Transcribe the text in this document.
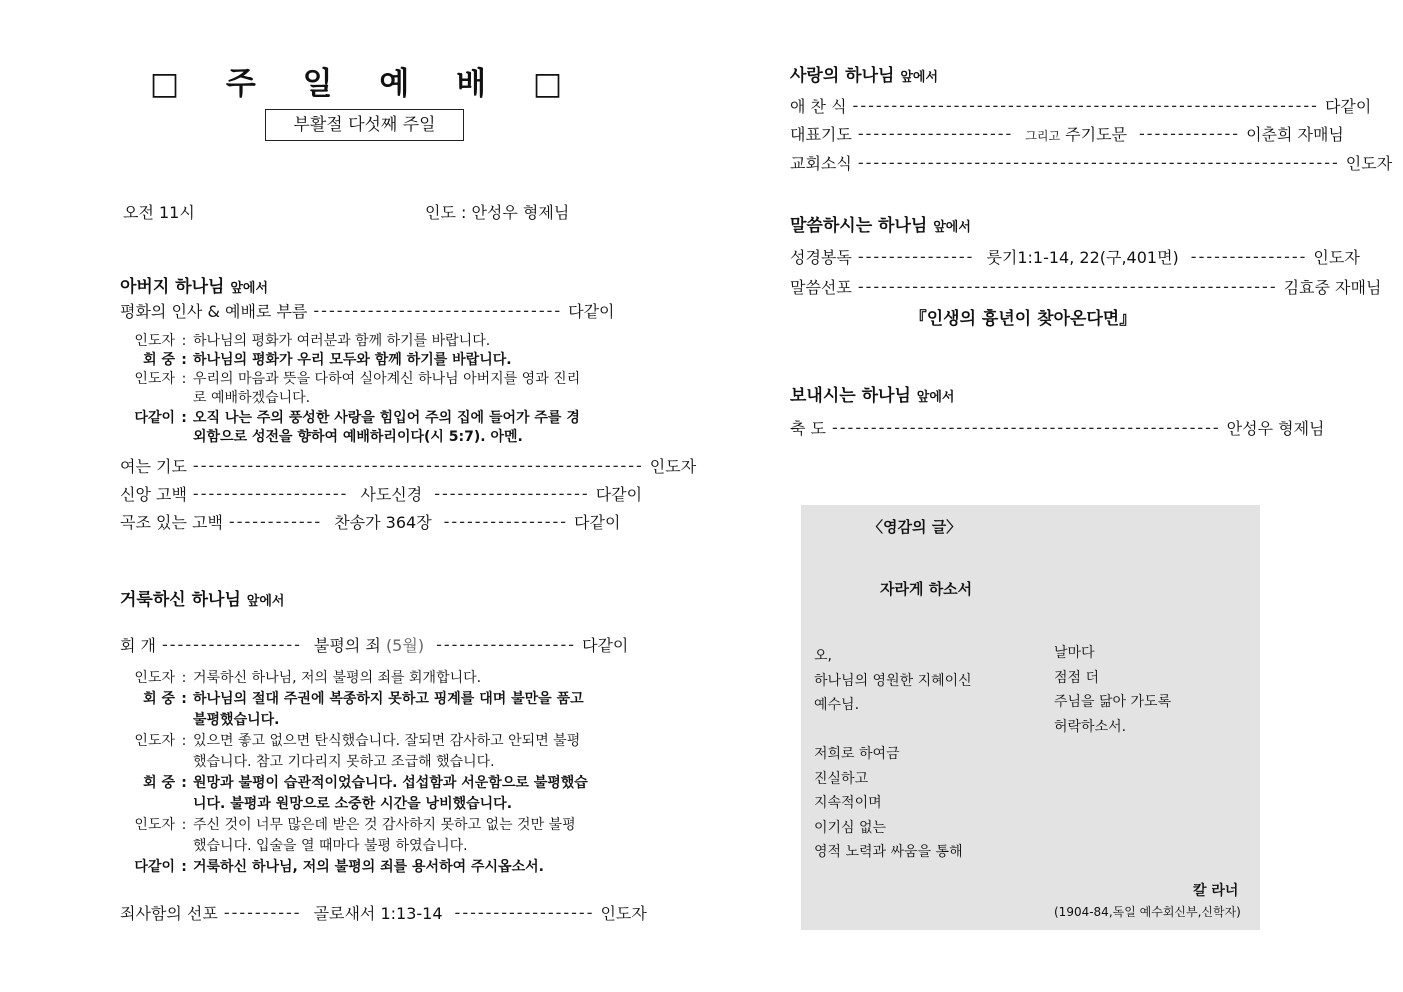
□ 주 일 예 배 □
부활절 다섯째 주일
오전 11시	인도 : 안성우 형제님
아버지 하나님 앞에서
평화의 인사 & 예배로 부름 -------------------------------- 다같이
인도자 : 하나님의 평화가 여러분과 함께 하기를 바랍니다.
회 중 : 하나님의 평화가 우리 모두와 함께 하기를 바랍니다.
인도자 : 우리의 마음과 뜻을 다하여 실아계신 하나님 아버지를 영과 진리로 예배하겠습니다.
다같이 : 오직 나는 주의 풍성한 사랑을 힘입어 주의 집에 들어가 주를 경외함으로 성전을 향하여 예배하리이다(시 5:7). 아멘.
여는 기도 ---------------------------------------------------------- 인도자
신앙 고백 -------------------- 사도신경 -------------------- 다같이
곡조 있는 고백 ------------ 찬송가 364장 ---------------- 다같이
거룩하신 하나님 앞에서
회 개 ------------------ 불평의 죄 (5월) ------------------ 다같이
인도자 : 거룩하신 하나님, 저의 불평의 죄를 회개합니다.
회 중 : 하나님의 절대 주권에 복종하지 못하고 핑계를 대며 불만을 품고 불평했습니다.
인도자 : 있으면 좋고 없으면 탄식했습니다. 잘되면 감사하고 안되면 불평했습니다. 참고 기다리지 못하고 조급해 했습니다.
회 중 : 원망과 불평이 습관적이었습니다. 섭섭함과 서운함으로 불평했습니다. 불평과 원망으로 소중한 시간을 낭비했습니다.
인도자 : 주신 것이 너무 많은데 받은 것 감사하지 못하고 없는 것만 불평했습니다. 입술을 열 때마다 불평 하였습니다.
다같이 : 거룩하신 하나님, 저의 불평의 죄를 용서하여 주시옵소서.
죄사함의 선포 ---------- 골로새서 1:13-14 ------------------ 인도자
사랑의 하나님 앞에서
애 찬 식 ------------------------------------------------------------ 다같이
대표기도 -------------------- 그리고 주기도문 ------------- 이춘희 자매님
교회소식 -------------------------------------------------------------- 인도자
말씀하시는 하나님 앞에서
성경봉독 --------------- 룻기1:1-14, 22(구,401면) --------------- 인도자
말씀선포 ------------------------------------------------------ 김효중 자매님
『인생의 흉년이 찾아온다면』
보내시는 하나님 앞에서
축 도 -------------------------------------------------- 안성우 형제님
〈영감의 글〉
자라게 하소서
오,
하나님의 영원한 지혜이신
예수님.
저희로 하여금
진실하고
지속적이며
이기심 없는
영적 노력과 싸움을 통해
날마다
점점 더
주님을 닮아 가도록
허락하소서.
칼 라너
(1904-84,독일 예수회신부,신학자)
